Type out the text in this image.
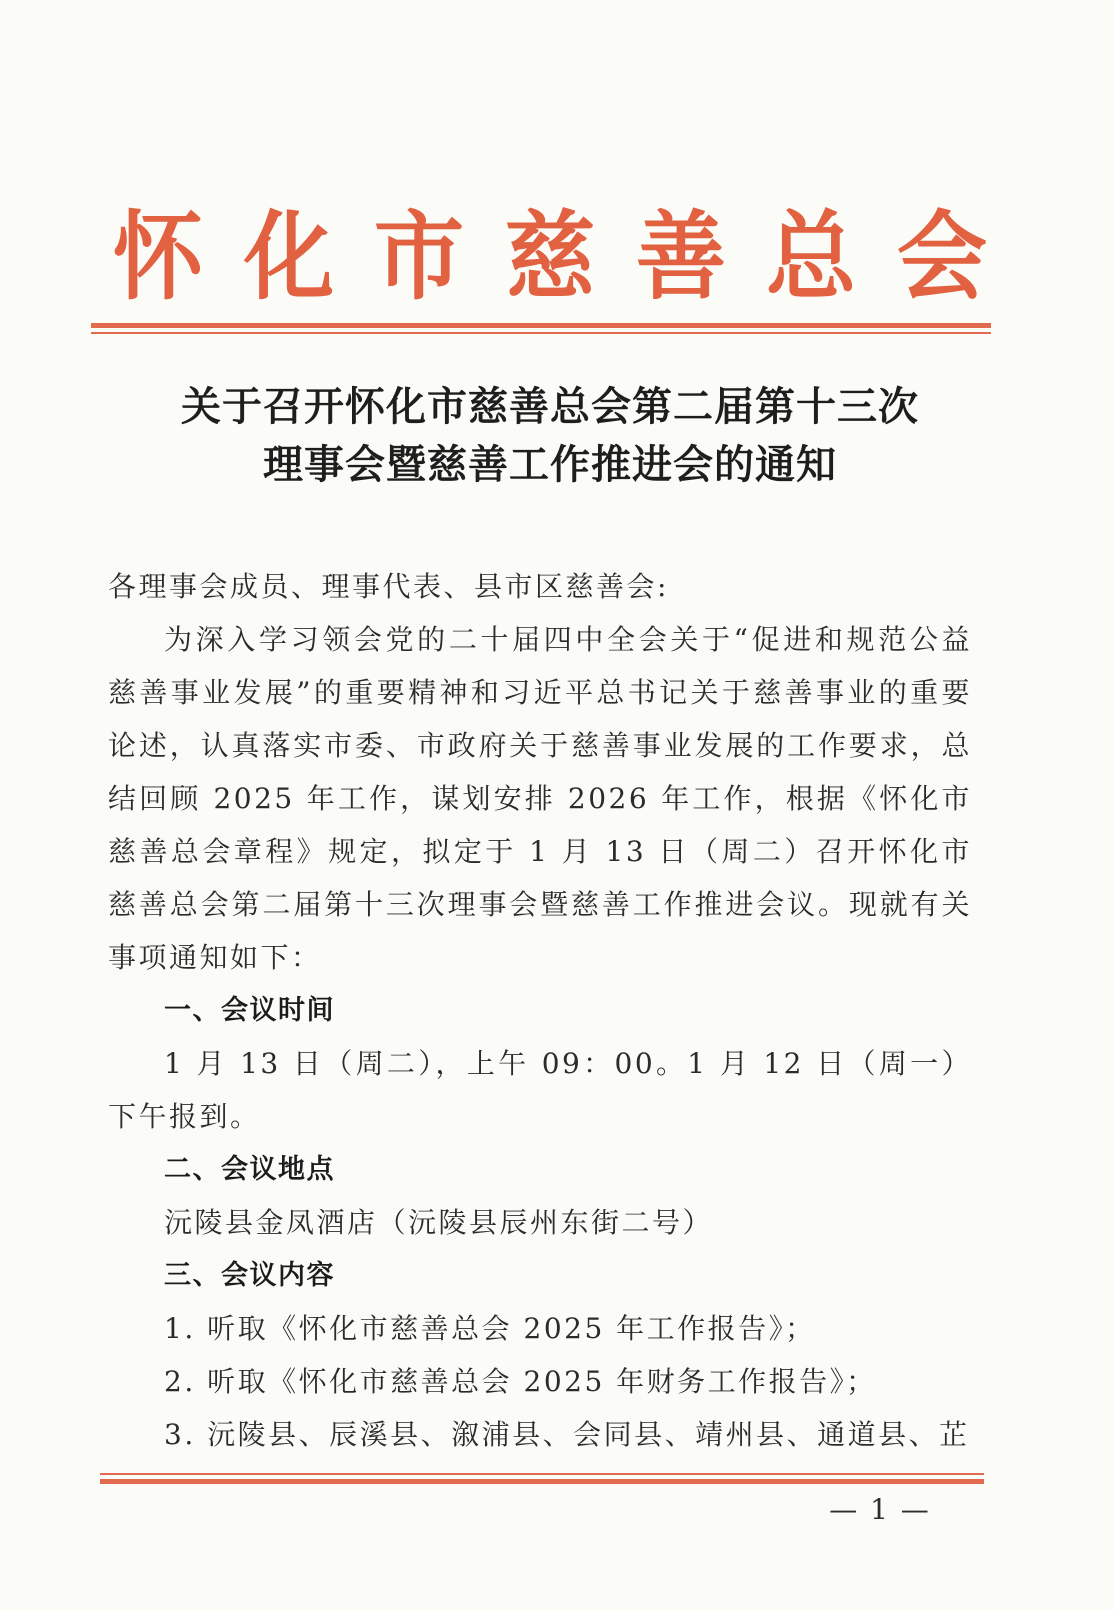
怀 化 市 慈 善 总 会
关于召开怀化市慈善总会第二届第十三次
理事会暨慈善工作推进会的通知

各理事会成员、理事代表、县市区慈善会:

为深入学习领会党的二十届四中全会关于“促进和规范公益慈善事业发展”的重要精神和习近平总书记关于慈善事业的重要论述，认真落实市委、市政府关于慈善事业发展的工作要求，总结回顾 2025 年工作，谋划安排 2026 年工作，根据《怀化市慈善总会章程》规定，拟定于 1 月 13 日（周二）召开怀化市慈善总会第二届第十三次理事会暨慈善工作推进会议。现就有关事项通知如下：

一、会议时间

1 月 13 日（周二），上午 09：00。1 月 12 日（周一）下午报到。

二、会议地点

沅陵县金凤酒店（沅陵县辰州东街二号）

三、会议内容

1. 听取《怀化市慈善总会 2025 年工作报告》；

2. 听取《怀化市慈善总会 2025 年财务工作报告》；

3. 沅陵县、辰溪县、溆浦县、会同县、靖州县、通道县、芷

— 1 —
